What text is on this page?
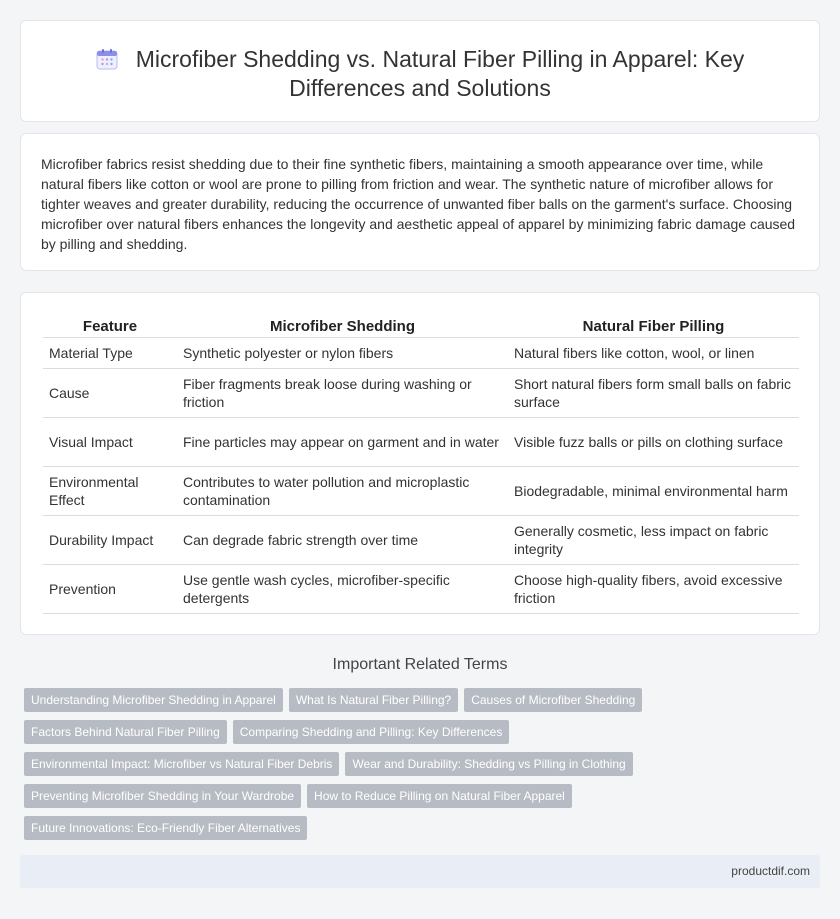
Microfiber Shedding vs. Natural Fiber Pilling in Apparel: Key Differences and Solutions

Microfiber fabrics resist shedding due to their fine synthetic fibers, maintaining a smooth appearance over time, while natural fibers like cotton or wool are prone to pilling from friction and wear. The synthetic nature of microfiber allows for tighter weaves and greater durability, reducing the occurrence of unwanted fiber balls on the garment's surface. Choosing microfiber over natural fibers enhances the longevity and aesthetic appeal of apparel by minimizing fabric damage caused by pilling and shedding.

Feature	Microfiber Shedding	Natural Fiber Pilling
Material Type	Synthetic polyester or nylon fibers	Natural fibers like cotton, wool, or linen
Cause	Fiber fragments break loose during washing or friction	Short natural fibers form small balls on fabric surface
Visual Impact	Fine particles may appear on garment and in water	Visible fuzz balls or pills on clothing surface
Environmental Effect	Contributes to water pollution and microplastic contamination	Biodegradable, minimal environmental harm
Durability Impact	Can degrade fabric strength over time	Generally cosmetic, less impact on fabric integrity
Prevention	Use gentle wash cycles, microfiber-specific detergents	Choose high-quality fibers, avoid excessive friction
Important Related Terms
Understanding Microfiber Shedding in Apparel What Is Natural Fiber Pilling? Causes of Microfiber Shedding
Factors Behind Natural Fiber Pilling Comparing Shedding and Pilling: Key Differences
Environmental Impact: Microfiber vs Natural Fiber Debris Wear and Durability: Shedding vs Pilling in Clothing
Preventing Microfiber Shedding in Your Wardrobe How to Reduce Pilling on Natural Fiber Apparel
Future Innovations: Eco-Friendly Fiber Alternatives
productdif.com
